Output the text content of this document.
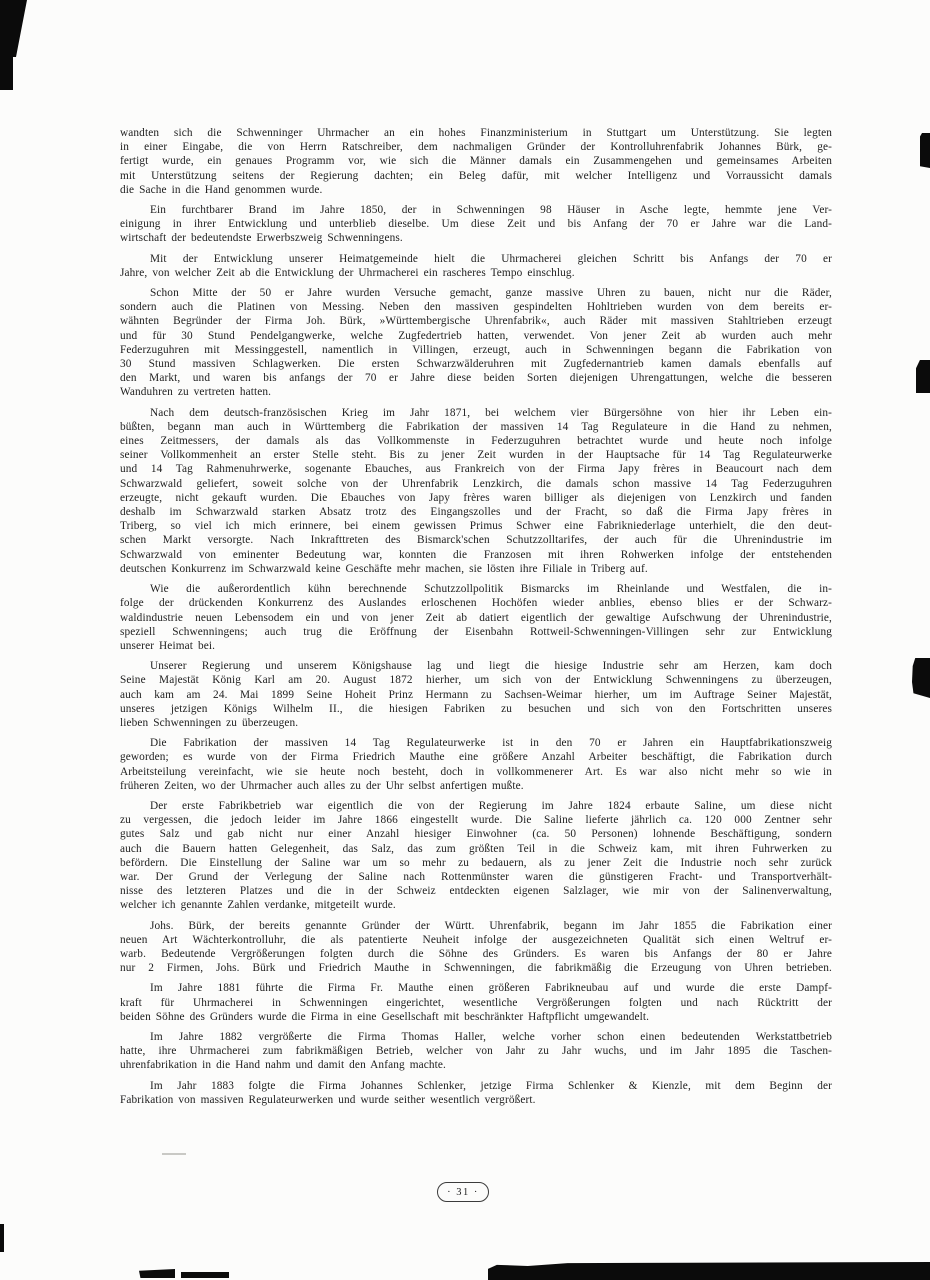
wandten sich die Schwenninger Uhrmacher an ein hohes Finanzministerium in Stuttgart um Unterstützung. Sie legten
in einer Eingabe, die von Herrn Ratschreiber, dem nachmaligen Gründer der Kontrolluhrenfabrik Johannes Bürk, ge-
fertigt wurde, ein genaues Programm vor, wie sich die Männer damals ein Zusammengehen und gemeinsames Arbeiten
mit Unterstützung seitens der Regierung dachten; ein Beleg dafür, mit welcher Intelligenz und Vorraussicht damals
die Sache in die Hand genommen wurde.
Ein furchtbarer Brand im Jahre 1850, der in Schwenningen 98 Häuser in Asche legte, hemmte jene Ver-
einigung in ihrer Entwicklung und unterblieb dieselbe. Um diese Zeit und bis Anfang der 70 er Jahre war die Land-
wirtschaft der bedeutendste Erwerbszweig Schwenningens.
Mit der Entwicklung unserer Heimatgemeinde hielt die Uhrmacherei gleichen Schritt bis Anfangs der 70 er
Jahre, von welcher Zeit ab die Entwicklung der Uhrmacherei ein rascheres Tempo einschlug.
Schon Mitte der 50 er Jahre wurden Versuche gemacht, ganze massive Uhren zu bauen, nicht nur die Räder,
sondern auch die Platinen von Messing. Neben den massiven gespindelten Hohltrieben wurden von dem bereits er-
wähnten Begründer der Firma Joh. Bürk, »Württembergische Uhrenfabrik«, auch Räder mit massiven Stahltrieben erzeugt
und für 30 Stund Pendelgangwerke, welche Zugfedertrieb hatten, verwendet. Von jener Zeit ab wurden auch mehr
Federzuguhren mit Messinggestell, namentlich in Villingen, erzeugt, auch in Schwenningen begann die Fabrikation von
30 Stund massiven Schlagwerken. Die ersten Schwarzwälderuhren mit Zugfedernantrieb kamen damals ebenfalls auf
den Markt, und waren bis anfangs der 70 er Jahre diese beiden Sorten diejenigen Uhrengattungen, welche die besseren
Wanduhren zu vertreten hatten.
Nach dem deutsch-französischen Krieg im Jahr 1871, bei welchem vier Bürgersöhne von hier ihr Leben ein-
büßten, begann man auch in Württemberg die Fabrikation der massiven 14 Tag Regulateure in die Hand zu nehmen,
eines Zeitmessers, der damals als das Vollkommenste in Federzuguhren betrachtet wurde und heute noch infolge
seiner Vollkommenheit an erster Stelle steht. Bis zu jener Zeit wurden in der Hauptsache für 14 Tag Regulateurwerke
und 14 Tag Rahmenuhrwerke, sogenante Ebauches, aus Frankreich von der Firma Japy frères in Beaucourt nach dem
Schwarzwald geliefert, soweit solche von der Uhrenfabrik Lenzkirch, die damals schon massive 14 Tag Federzuguhren
erzeugte, nicht gekauft wurden. Die Ebauches von Japy frères waren billiger als diejenigen von Lenzkirch und fanden
deshalb im Schwarzwald starken Absatz trotz des Eingangszolles und der Fracht, so daß die Firma Japy frères in
Triberg, so viel ich mich erinnere, bei einem gewissen Primus Schwer eine Fabrikniederlage unterhielt, die den deut-
schen Markt versorgte. Nach Inkrafttreten des Bismarck'schen Schutzzolltarifes, der auch für die Uhrenindustrie im
Schwarzwald von eminenter Bedeutung war, konnten die Franzosen mit ihren Rohwerken infolge der entstehenden
deutschen Konkurrenz im Schwarzwald keine Geschäfte mehr machen, sie lösten ihre Filiale in Triberg auf.
Wie die außerordentlich kühn berechnende Schutzzollpolitik Bismarcks im Rheinlande und Westfalen, die in-
folge der drückenden Konkurrenz des Auslandes erloschenen Hochöfen wieder anblies, ebenso blies er der Schwarz-
waldindustrie neuen Lebensodem ein und von jener Zeit ab datiert eigentlich der gewaltige Aufschwung der Uhrenindustrie,
speziell Schwenningens; auch trug die Eröffnung der Eisenbahn Rottweil-Schwenningen-Villingen sehr zur Entwicklung
unserer Heimat bei.
Unserer Regierung und unserem Königshause lag und liegt die hiesige Industrie sehr am Herzen, kam doch
Seine Majestät König Karl am 20. August 1872 hierher, um sich von der Entwicklung Schwenningens zu überzeugen,
auch kam am 24. Mai 1899 Seine Hoheit Prinz Hermann zu Sachsen-Weimar hierher, um im Auftrage Seiner Majestät,
unseres jetzigen Königs Wilhelm II., die hiesigen Fabriken zu besuchen und sich von den Fortschritten unseres
lieben Schwenningen zu überzeugen.
Die Fabrikation der massiven 14 Tag Regulateurwerke ist in den 70 er Jahren ein Hauptfabrikationszweig
geworden; es wurde von der Firma Friedrich Mauthe eine größere Anzahl Arbeiter beschäftigt, die Fabrikation durch
Arbeitsteilung vereinfacht, wie sie heute noch besteht, doch in vollkommenerer Art. Es war also nicht mehr so wie in
früheren Zeiten, wo der Uhrmacher auch alles zu der Uhr selbst anfertigen mußte.
Der erste Fabrikbetrieb war eigentlich die von der Regierung im Jahre 1824 erbaute Saline, um diese nicht
zu vergessen, die jedoch leider im Jahre 1866 eingestellt wurde. Die Saline lieferte jährlich ca. 120 000 Zentner sehr
gutes Salz und gab nicht nur einer Anzahl hiesiger Einwohner (ca. 50 Personen) lohnende Beschäftigung, sondern
auch die Bauern hatten Gelegenheit, das Salz, das zum größten Teil in die Schweiz kam, mit ihren Fuhrwerken zu
befördern. Die Einstellung der Saline war um so mehr zu bedauern, als zu jener Zeit die Industrie noch sehr zurück
war. Der Grund der Verlegung der Saline nach Rottenmünster waren die günstigeren Fracht- und Transportverhält-
nisse des letzteren Platzes und die in der Schweiz entdeckten eigenen Salzlager, wie mir von der Salinenverwaltung,
welcher ich genannte Zahlen verdanke, mitgeteilt wurde.
Johs. Bürk, der bereits genannte Gründer der Württ. Uhrenfabrik, begann im Jahr 1855 die Fabrikation einer
neuen Art Wächterkontrolluhr, die als patentierte Neuheit infolge der ausgezeichneten Qualität sich einen Weltruf er-
warb. Bedeutende Vergrößerungen folgten durch die Söhne des Gründers. Es waren bis Anfangs der 80 er Jahre
nur 2 Firmen, Johs. Bürk und Friedrich Mauthe in Schwenningen, die fabrikmäßig die Erzeugung von Uhren betrieben.
Im Jahre 1881 führte die Firma Fr. Mauthe einen größeren Fabrikneubau auf und wurde die erste Dampf-
kraft für Uhrmacherei in Schwenningen eingerichtet, wesentliche Vergrößerungen folgten und nach Rücktritt der
beiden Söhne des Gründers wurde die Firma in eine Gesellschaft mit beschränkter Haftpflicht umgewandelt.
Im Jahre 1882 vergrößerte die Firma Thomas Haller, welche vorher schon einen bedeutenden Werkstattbetrieb
hatte, ihre Uhrmacherei zum fabrikmäßigen Betrieb, welcher von Jahr zu Jahr wuchs, und im Jahr 1895 die Taschen-
uhrenfabrikation in die Hand nahm und damit den Anfang machte.
Im Jahr 1883 folgte die Firma Johannes Schlenker, jetzige Firma Schlenker & Kienzle, mit dem Beginn der
Fabrikation von massiven Regulateurwerken und wurde seither wesentlich vergrößert.
· 31 ·
